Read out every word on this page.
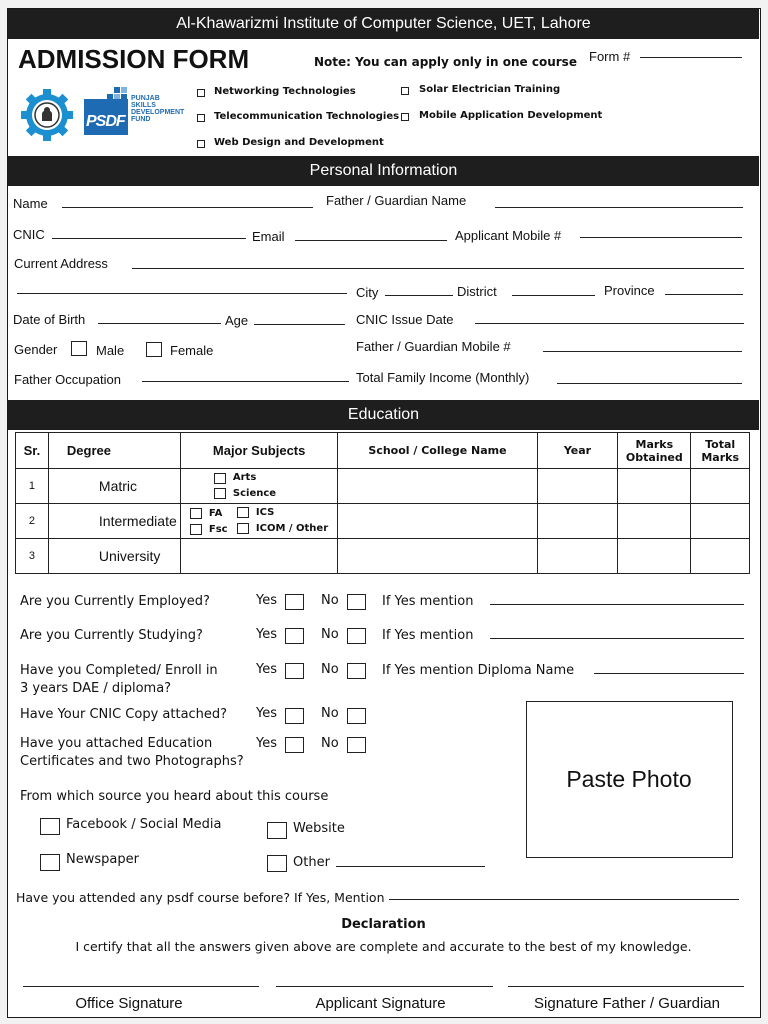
Al-Khawarizmi Institute of Computer Science, UET, Lahore
ADMISSION FORM	Note: You can apply only in one course Form #
PSDF
PUNJAB
SKILLS
DEVELOPMENT
FUND
Networking Technologies
Telecommunication Technologies
Web Design and Development
Solar Electrician Training
Mobile Application Development
Personal Information
Name	Father / Guardian Name
CNIC	Email	Applicant Mobile #
Current Address
City	District	Province
Date of Birth	Age	CNIC Issue Date
Gender	Male	Female	Father / Guardian Mobile #
Father Occupation	Total Family Income (Monthly)
Education
Sr.	Degree	Major Subjects	School / College Name	Year	Marks Obtained	Total Marks
1	Matric	Arts
Science				

2	Intermediate	FA ICS
Fsc ICOM / Other				

3	University					
Are you Currently Employed?	Yes	No	If Yes mention
Are you Currently Studying?	Yes	No	If Yes mention
Have you Completed/ Enroll in
3 years DAE / diploma?
Yes	No	If Yes mention Diploma Name
Have Your CNIC Copy attached? Yes	No
Have you attached Education
Certificates and two Photographs?
Yes	No
Paste Photo
From which source you heard about this course
Facebook / Social Media	Website
Newspaper	Other
Have you attended any psdf course before? If Yes, Mention
Declaration
I certify that all the answers given above are complete and accurate to the best of my knowledge.
Office Signature	Applicant Signature	Signature Father / Guardian
